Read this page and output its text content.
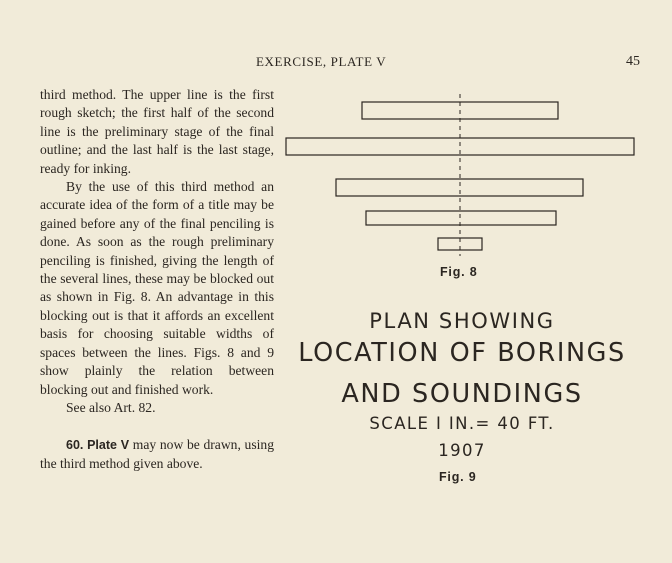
EXERCISE, PLATE V	45

third method. The upper line is the first rough sketch; the first half of the second line is the preliminary stage of the final outline; and the last half is the last stage, ready for inking.

By the use of this third method an accurate idea of the form of a title may be gained before any of the final penciling is done. As soon as the rough preliminary penciling is finished, giving the length of the several lines, these may be blocked out as shown in Fig. 8. An advantage in this blocking out is that it affords an excellent basis for choosing suitable widths of spaces between the lines. Figs. 8 and 9 show plainly the relation between blocking out and finished work.

See also Art. 82.

60. Plate V may now be drawn, using the third method given above.

Fig. 8
PLAN SHOWING
LOCATION OF BORINGS
AND SOUNDINGS
SCALE I IN.= 40 FT.
1907
Fig. 9
